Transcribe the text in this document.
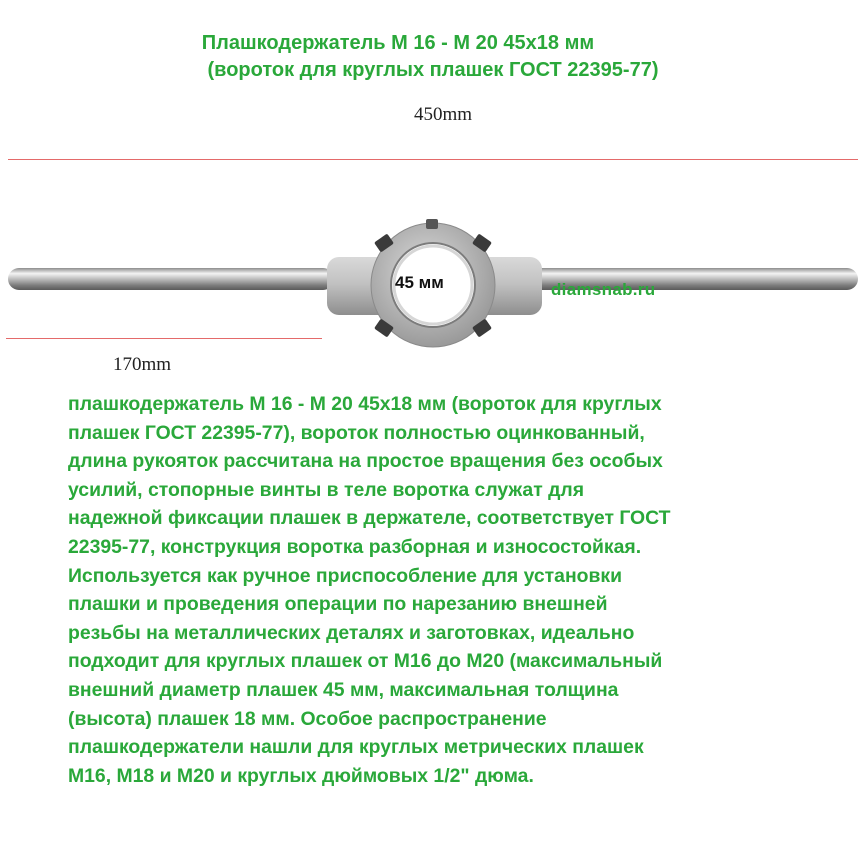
Плашкодержатель М 16 - М 20 45х18 мм
(вороток для круглых плашек ГОСТ 22395-77)
450mm
45 мм	diamsnab.ru
170mm
плашкодержатель М 16 - М 20 45х18 мм (вороток для круглых
плашек ГОСТ 22395-77), вороток полностью оцинкованный,
длина рукояток рассчитана на простое вращения без особых
усилий, стопорные винты в теле воротка служат для
надежной фиксации плашек в держателе, соответствует ГОСТ
22395-77, конструкция воротка разборная и износостойкая.
Используется как ручное приспособление для установки
плашки и проведения операции по нарезанию внешней
резьбы на металлических деталях и заготовках, идеально
подходит для круглых плашек от М16 до М20 (максимальный
внешний диаметр плашек 45 мм, максимальная толщина
(высота) плашек 18 мм. Особое распространение
плашкодержатели нашли для круглых метрических плашек
М16, М18 и М20 и круглых дюймовых 1/2" дюма.
